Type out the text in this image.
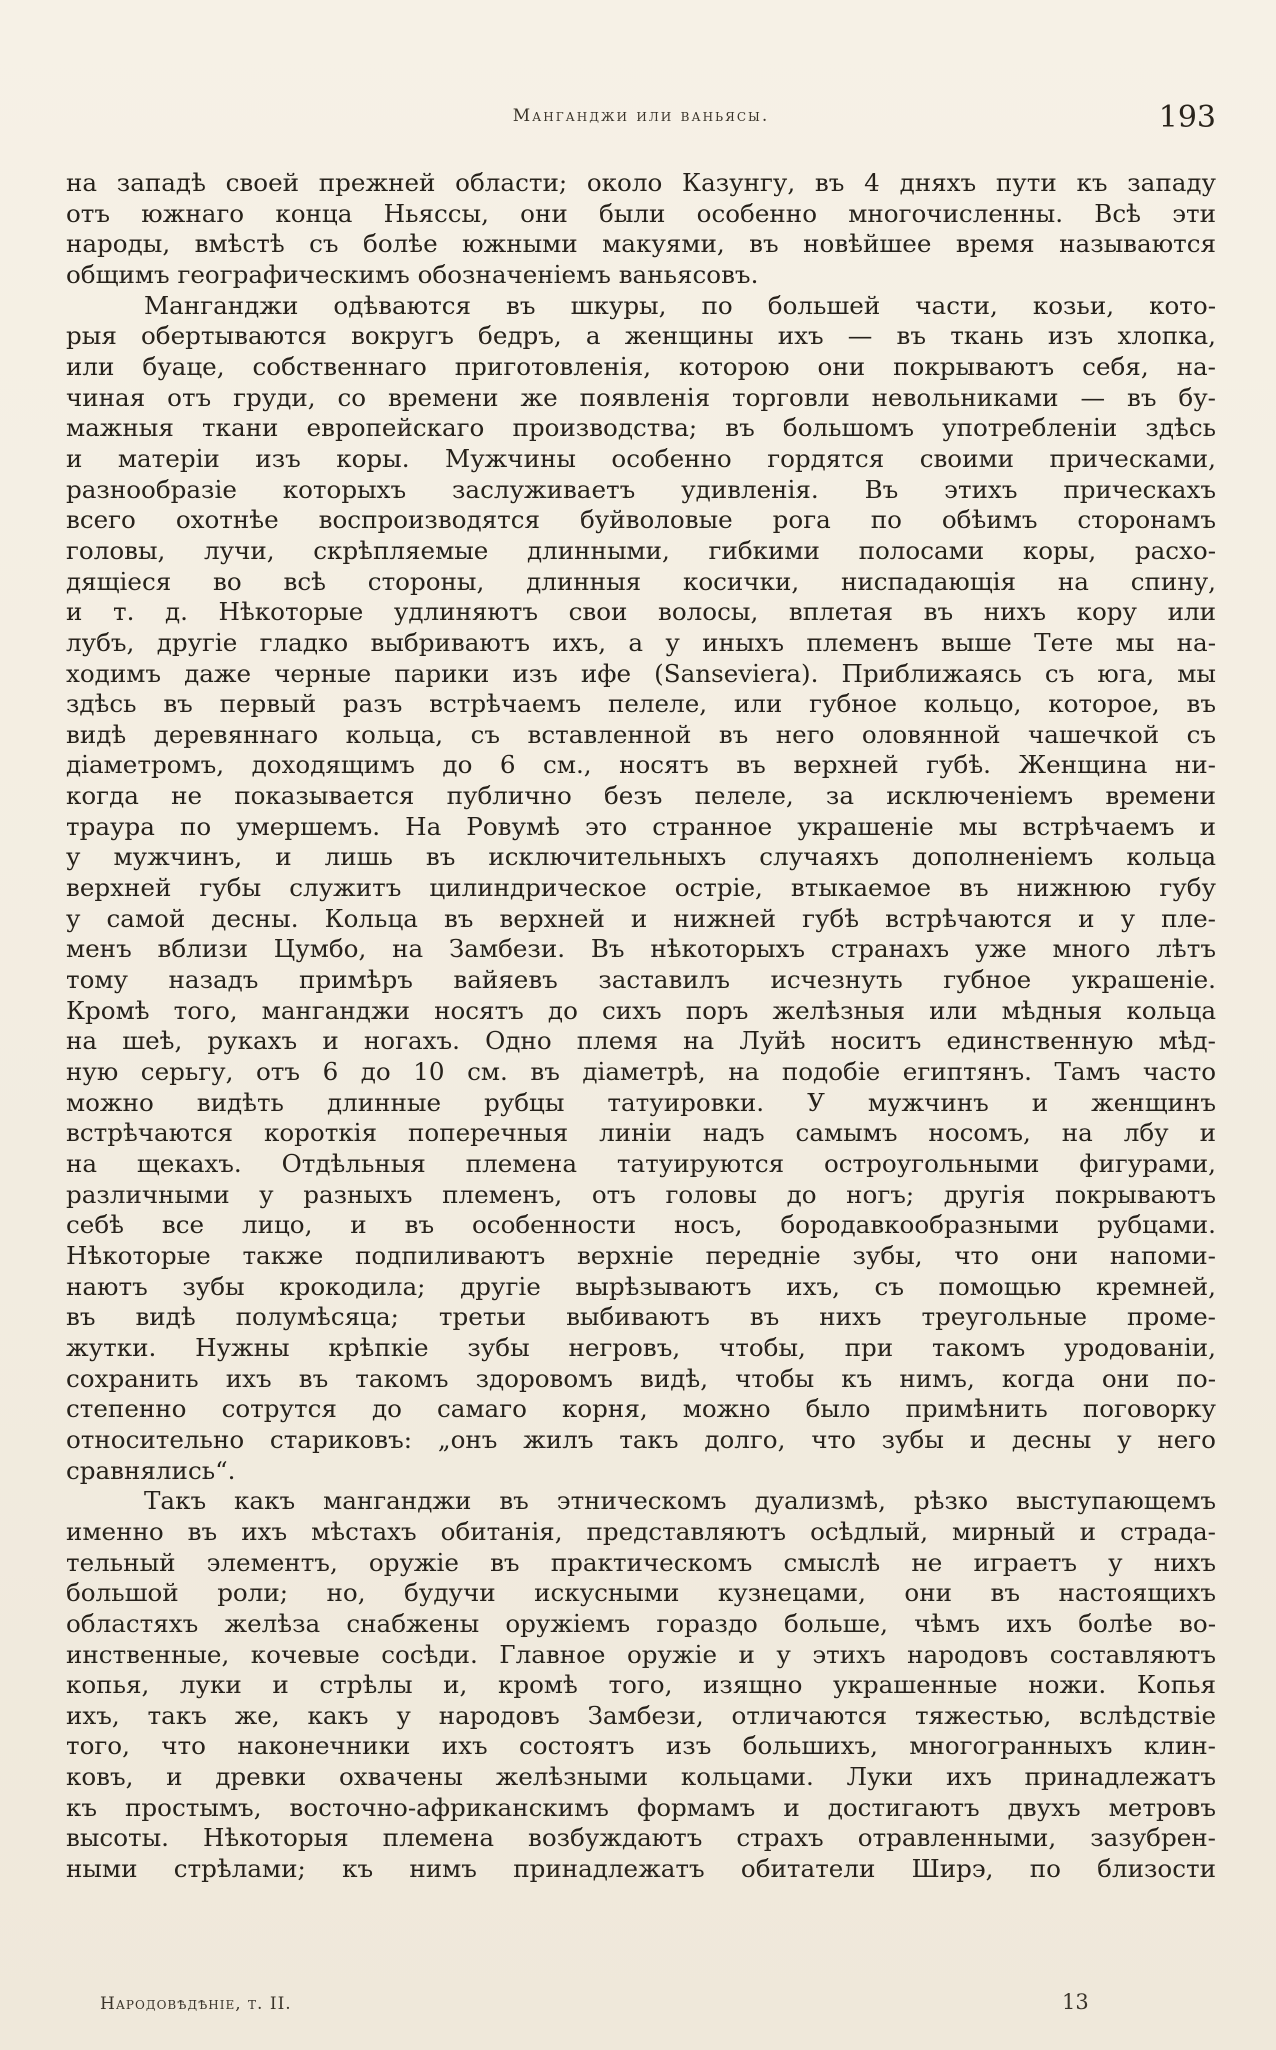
Манганджи или ваньясы.	193
на западѣ своей прежней области; около Казунгу, въ 4 дняхъ пути къ западу
отъ южнаго конца Ньяссы, они были особенно многочисленны. Всѣ эти
народы, вмѣстѣ съ болѣе южными макуями, въ новѣйшее время называются
общимъ географическимъ обозначеніемъ ваньясовъ.
Манганджи одѣваются въ шкуры, по большей части, козьи, кото-
рыя обертываются вокругъ бедръ, а женщины ихъ — въ ткань изъ хлопка,
или буаце, собственнаго приготовленія, которою они покрываютъ себя, на-
чиная отъ груди, со времени же появленія торговли невольниками — въ бу-
мажныя ткани европейскаго производства; въ большомъ употребленіи здѣсь
и матеріи изъ коры. Мужчины особенно гордятся своими прическами,
разнообразіе которыхъ заслуживаетъ удивленія. Въ этихъ прическахъ
всего охотнѣе воспроизводятся буйволовые рога по обѣимъ сторонамъ
головы, лучи, скрѣпляемые длинными, гибкими полосами коры, расхо-
дящіеся во всѣ стороны, длинныя косички, ниспадающія на спину,
и т. д. Нѣкоторые удлиняютъ свои волосы, вплетая въ нихъ кору или
лубъ, другіе гладко выбриваютъ ихъ, а у иныхъ племенъ выше Тете мы на-
ходимъ даже черные парики изъ ифе (Sanseviera). Приближаясь съ юга, мы
здѣсь въ первый разъ встрѣчаемъ пелеле, или губное кольцо, которое, въ
видѣ деревяннаго кольца, съ вставленной въ него оловянной чашечкой съ
діаметромъ, доходящимъ до 6 см., носятъ въ верхней губѣ. Женщина ни-
когда не показывается публично безъ пелеле, за исключеніемъ времени
траура по умершемъ. На Ровумѣ это странное украшеніе мы встрѣчаемъ и
у мужчинъ, и лишь въ исключительныхъ случаяхъ дополненіемъ кольца
верхней губы служитъ цилиндрическое остріе, втыкаемое въ нижнюю губу
у самой десны. Кольца въ верхней и нижней губѣ встрѣчаются и у пле-
менъ вблизи Цумбо, на Замбези. Въ нѣкоторыхъ странахъ уже много лѣтъ
тому назадъ примѣръ вайяевъ заставилъ исчезнуть губное украшеніе.
Кромѣ того, манганджи носятъ до сихъ поръ желѣзныя или мѣдныя кольца
на шеѣ, рукахъ и ногахъ. Одно племя на Луйѣ носитъ единственную мѣд-
ную серьгу, отъ 6 до 10 см. въ діаметрѣ, на подобіе египтянъ. Тамъ часто
можно видѣть длинные рубцы татуировки. У мужчинъ и женщинъ
встрѣчаются короткія поперечныя линіи надъ самымъ носомъ, на лбу и
на щекахъ. Отдѣльныя племена татуируются остроугольными фигурами,
различными у разныхъ племенъ, отъ головы до ногъ; другія покрываютъ
себѣ все лицо, и въ особенности носъ, бородавкообразными рубцами.
Нѣкоторые также подпиливаютъ верхніе передніе зубы, что они напоми-
наютъ зубы крокодила; другіе вырѣзываютъ ихъ, съ помощью кремней,
въ видѣ полумѣсяца; третьи выбиваютъ въ нихъ треугольные проме-
жутки. Нужны крѣпкіе зубы негровъ, чтобы, при такомъ уродованіи,
сохранить ихъ въ такомъ здоровомъ видѣ, чтобы къ нимъ, когда они по-
степенно сотрутся до самаго корня, можно было примѣнить поговорку
относительно стариковъ: „онъ жилъ такъ долго, что зубы и десны у него
сравнялись“.
Такъ какъ манганджи въ этническомъ дуализмѣ, рѣзко выступающемъ
именно въ ихъ мѣстахъ обитанія, представляютъ осѣдлый, мирный и страда-
тельный элементъ, оружіе въ практическомъ смыслѣ не играетъ у нихъ
большой роли; но, будучи искусными кузнецами, они въ настоящихъ
областяхъ желѣза снабжены оружіемъ гораздо больше, чѣмъ ихъ болѣе во-
инственные, кочевые сосѣди. Главное оружіе и у этихъ народовъ составляютъ
копья, луки и стрѣлы и, кромѣ того, изящно украшенные ножи. Копья
ихъ, такъ же, какъ у народовъ Замбези, отличаются тяжестью, вслѣдствіе
того, что наконечники ихъ состоятъ изъ большихъ, многогранныхъ клин-
ковъ, и древки охвачены желѣзными кольцами. Луки ихъ принадлежатъ
къ простымъ, восточно-африканскимъ формамъ и достигаютъ двухъ метровъ
высоты. Нѣкоторыя племена возбуждаютъ страхъ отравленными, зазубрен-
ными стрѣлами; къ нимъ принадлежатъ обитатели Ширэ, по близости
Народовѣдѣніе, т. II.	13
